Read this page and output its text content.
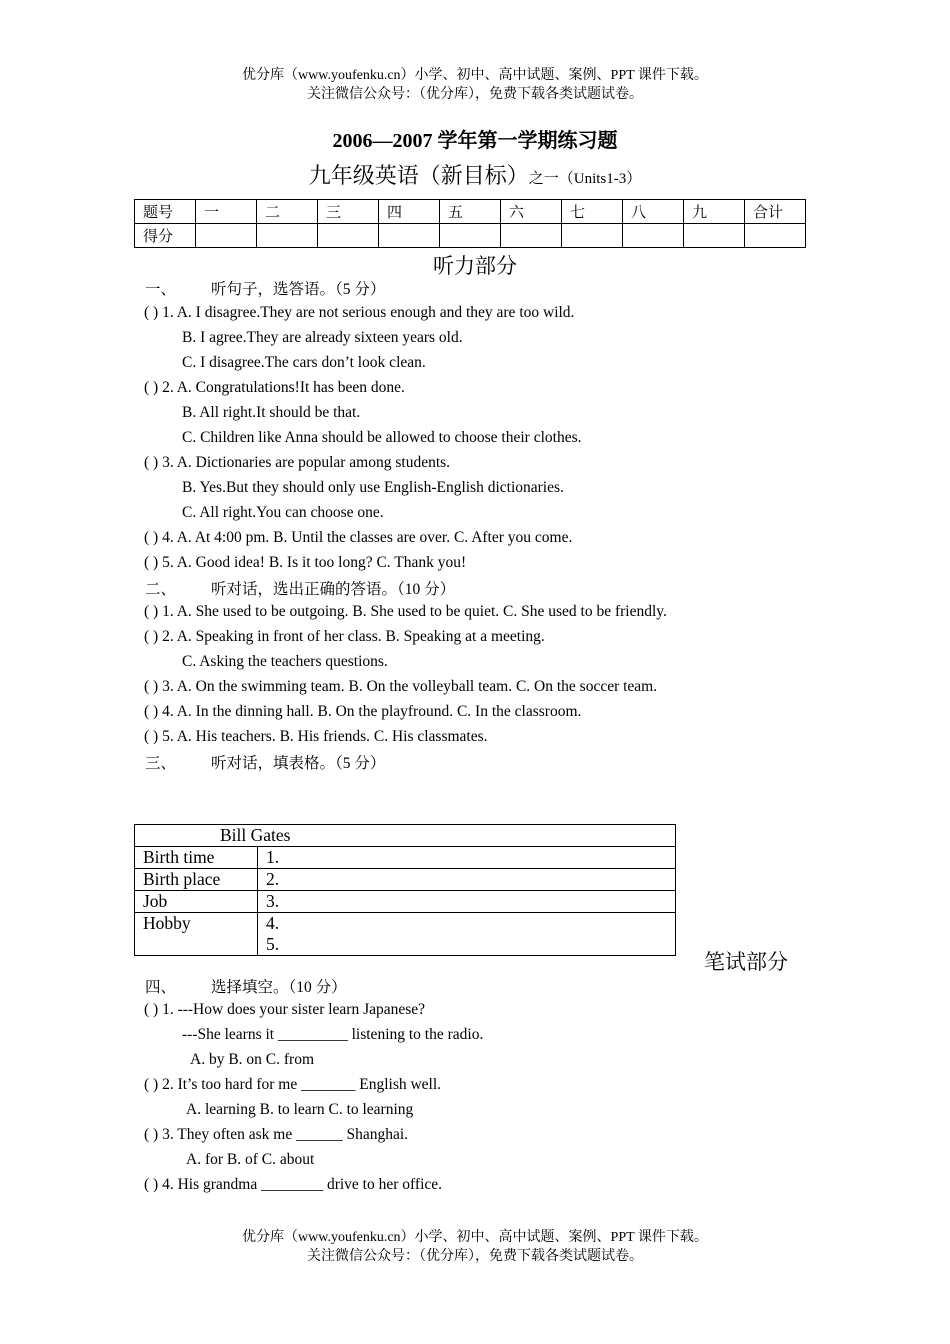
优分库（www.youfenku.cn）小学、初中、高中试题、案例、PPT 课件下载。
关注微信公众号：（优分库），免费下载各类试题试卷。
2006—2007 学年第一学期练习题
九年级英语（新目标）之一（Units1-3）
题号	一	二	三	四	五	六	七	八	九	合计
得分										
听力部分
一、 听句子，选答语。（5 分）
( ) 1. A. I disagree.They are not serious enough and they are too wild.
B. I agree.They are already sixteen years old.
C. I disagree.The cars don’t look clean.
( ) 2. A. Congratulations!It has been done.
B. All right.It should be that.
C. Children like Anna should be allowed to choose their clothes.
( ) 3. A. Dictionaries are popular among students.
B. Yes.But they should only use English-English dictionaries.
C. All right.You can choose one.
( ) 4. A. At 4:00 pm. B. Until the classes are over. C. After you come.
( ) 5. A. Good idea! B. Is it too long? C. Thank you!
二、 听对话，选出正确的答语。（10 分）
( ) 1. A. She used to be outgoing. B. She used to be quiet. C. She used to be friendly.
( ) 2. A. Speaking in front of her class. B. Speaking at a meeting.
C. Asking the teachers questions.
( ) 3. A. On the swimming team. B. On the volleyball team. C. On the soccer team.
( ) 4. A. In the dinning hall. B. On the playfround. C. In the classroom.
( ) 5. A. His teachers. B. His friends. C. His classmates.
三、 听对话，填表格。（5 分）
Bill Gates	
Birth time	1.
Birth place	2.
Job	3.
Hobby	4.
5.
笔试部分
四、 选择填空。（10 分）
( ) 1. ---How does your sister learn Japanese?
---She learns it _________ listening to the radio.
A. by B. on C. from
( ) 2. It’s too hard for me _______ English well.
A. learning B. to learn C. to learning
( ) 3. They often ask me ______ Shanghai.
A. for B. of C. about
( ) 4. His grandma ________ drive to her office.
优分库（www.youfenku.cn）小学、初中、高中试题、案例、PPT 课件下载。
关注微信公众号：（优分库），免费下载各类试题试卷。
